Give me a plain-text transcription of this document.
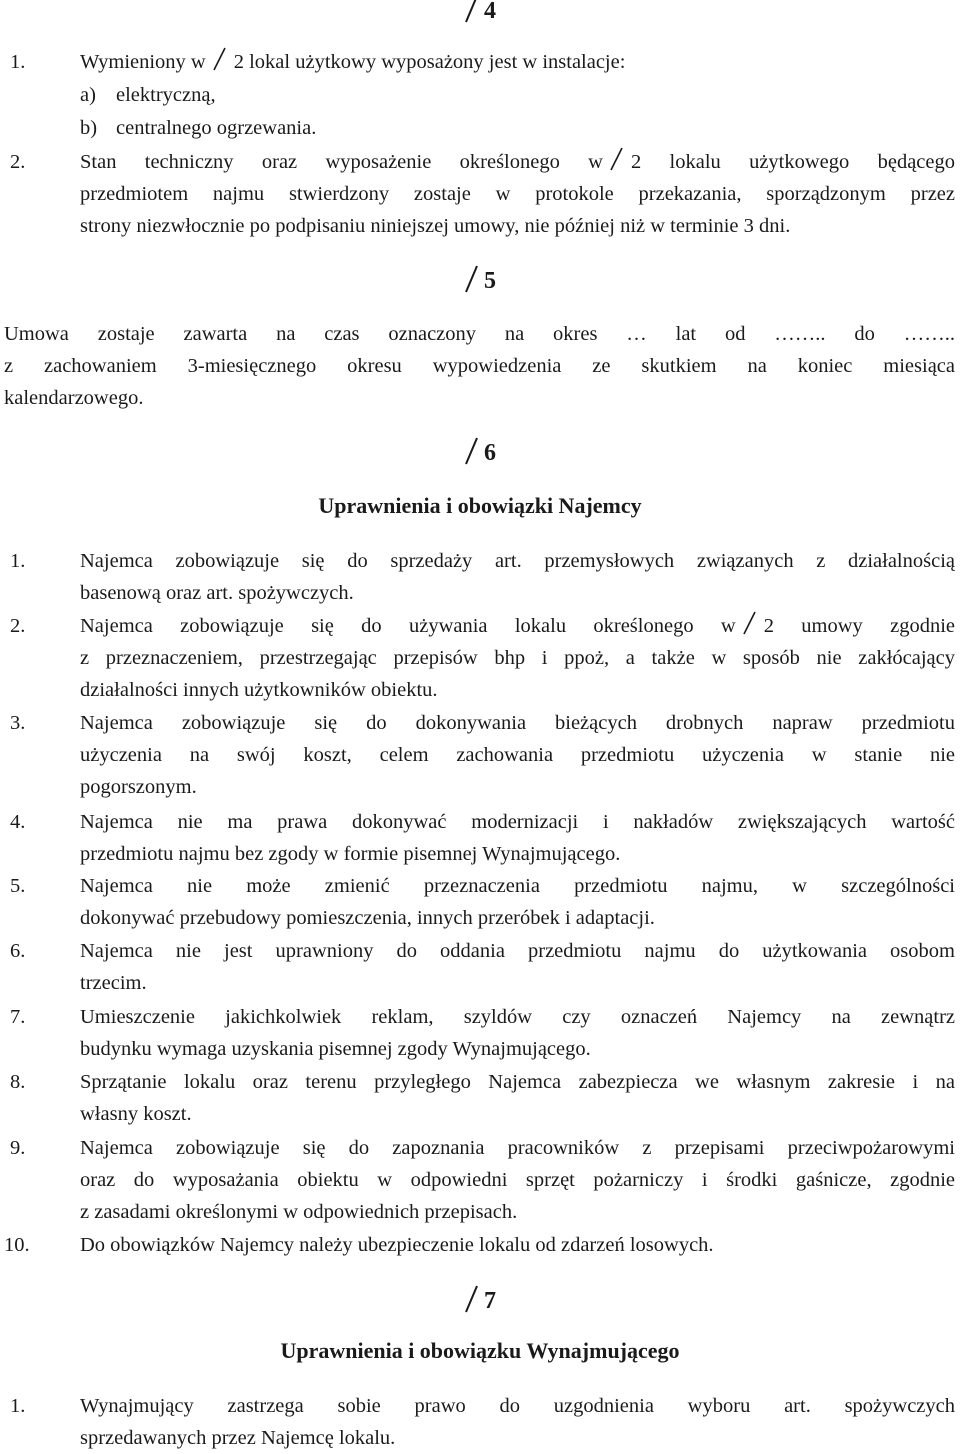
4
1.	Wymieniony w 2 lokal użytkowy wyposażony jest w instalacje:
a) elektryczną,
b) centralnego ogrzewania.
2.	Stan techniczny oraz wyposażenie określonego w 2 lokalu użytkowego będącego
przedmiotem najmu stwierdzony zostaje w protokole przekazania, sporządzonym przez
strony niezwłocznie po podpisaniu niniejszej umowy, nie później niż w terminie 3 dni.
5
Umowa zostaje zawarta na czas oznaczony na okres … lat od …….. do ……..
z zachowaniem 3-miesięcznego okresu wypowiedzenia ze skutkiem na koniec miesiąca
kalendarzowego.
6
Uprawnienia i obowiązki Najemcy
1.	Najemca zobowiązuje się do sprzedaży art. przemysłowych związanych z działalnością
basenową oraz art. spożywczych.
2.	Najemca zobowiązuje się do używania lokalu określonego w 2 umowy zgodnie
z przeznaczeniem, przestrzegając przepisów bhp i ppoż, a także w sposób nie zakłócający
działalności innych użytkowników obiektu.
3.	Najemca zobowiązuje się do dokonywania bieżących drobnych napraw przedmiotu
użyczenia na swój koszt, celem zachowania przedmiotu użyczenia w stanie nie
pogorszonym.
4.	Najemca nie ma prawa dokonywać modernizacji i nakładów zwiększających wartość
przedmiotu najmu bez zgody w formie pisemnej Wynajmującego.
5.	Najemca nie może zmienić przeznaczenia przedmiotu najmu, w szczególności
dokonywać przebudowy pomieszczenia, innych przeróbek i adaptacji.
6.	Najemca nie jest uprawniony do oddania przedmiotu najmu do użytkowania osobom
trzecim.
7.	Umieszczenie jakichkolwiek reklam, szyldów czy oznaczeń Najemcy na zewnątrz
budynku wymaga uzyskania pisemnej zgody Wynajmującego.
8.	Sprzątanie lokalu oraz terenu przyległego Najemca zabezpiecza we własnym zakresie i na
własny koszt.
9.	Najemca zobowiązuje się do zapoznania pracowników z przepisami przeciwpożarowymi
oraz do wyposażania obiektu w odpowiedni sprzęt pożarniczy i środki gaśnicze, zgodnie
z zasadami określonymi w odpowiednich przepisach.
10. Do obowiązków Najemcy należy ubezpieczenie lokalu od zdarzeń losowych.
7
Uprawnienia i obowiązku Wynajmującego
1.	Wynajmujący zastrzega sobie prawo do uzgodnienia wyboru art. spożywczych
sprzedawanych przez Najemcę lokalu.
